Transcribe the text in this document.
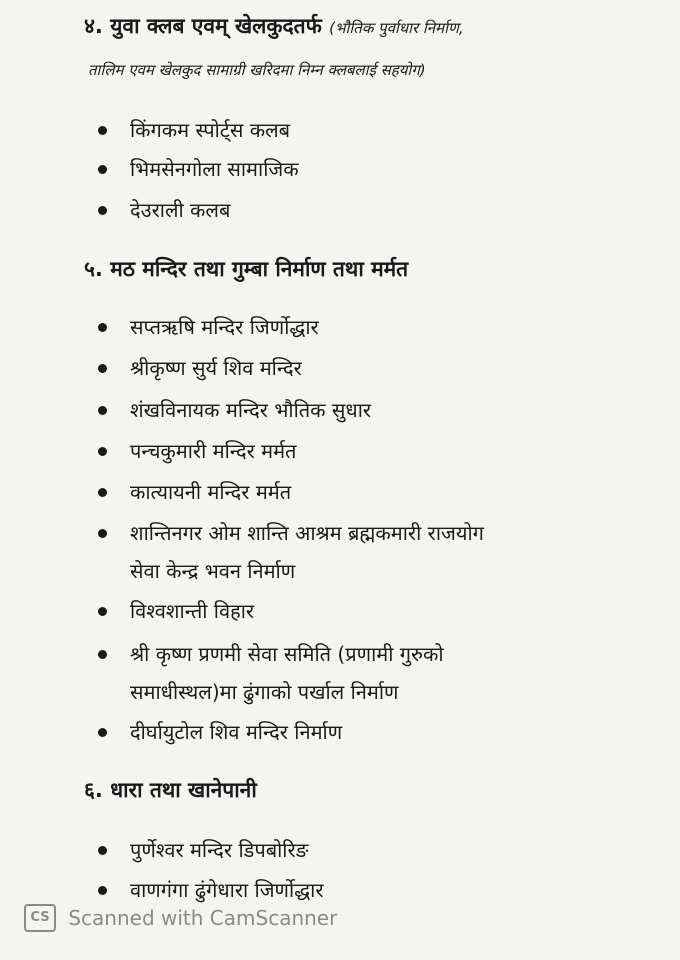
४. युवा क्लब एवम् खेलकुदतर्फ (भौतिक पुर्वाधार निर्माण,
तालिम एवम खेलकुद सामाग्री खरिदमा निम्न क्लबलाई सहयोग)
किंगकम स्पोर्ट्स कलब
भिमसेनगोला सामाजिक
देउराली कलब
५. मठ मन्दिर तथा गुम्बा निर्माण तथा मर्मत
सप्तऋषि मन्दिर जिर्णोद्धार
श्रीकृष्ण सुर्य शिव मन्दिर
शंखविनायक मन्दिर भौतिक सुधार
पन्चकुमारी मन्दिर मर्मत
कात्यायनी मन्दिर मर्मत
शान्तिनगर ओम शान्ति आश्रम ब्रह्मकमारी राजयोग
सेवा केन्द्र भवन निर्माण
विश्वशान्ती विहार
श्री कृष्ण प्रणमी सेवा समिति (प्रणामी गुरुको
समाधीस्थल)मा ढुंगाको पर्खाल निर्माण
दीर्घायुटोल शिव मन्दिर निर्माण
६. धारा तथा खानेपानी
पुर्णेश्वर मन्दिर डिपबोरिङ
वाणगंगा ढुंगेधारा जिर्णोद्धार
CS Scanned with CamScanner
